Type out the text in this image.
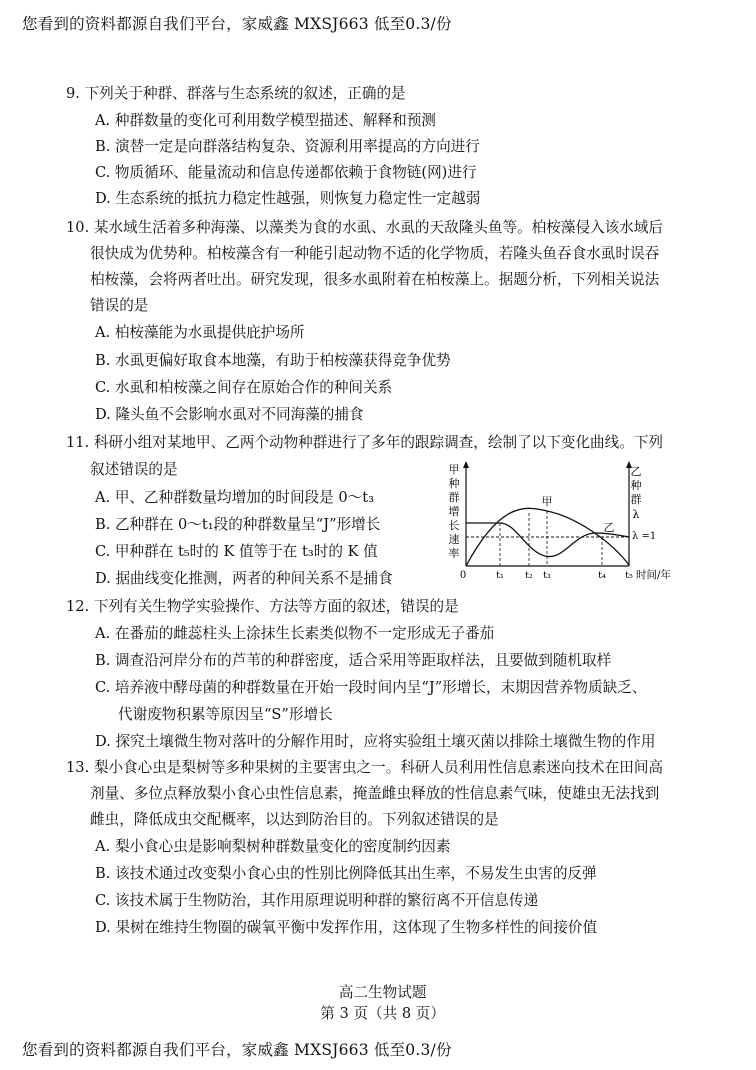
您看到的资料都源自我们平台，家威鑫 MXSJ663 低至0.3/份
9. 下列关于种群、群落与生态系统的叙述，正确的是
A. 种群数量的变化可利用数学模型描述、解释和预测
B. 演替一定是向群落结构复杂、资源利用率提高的方向进行
C. 物质循环、能量流动和信息传递都依赖于食物链(网)进行
D. 生态系统的抵抗力稳定性越强，则恢复力稳定性一定越弱
10. 某水域生活着多种海藻、以藻类为食的水虱、水虱的天敌隆头鱼等。柏桉藻侵入该水域后
很快成为优势种。柏桉藻含有一种能引起动物不适的化学物质，若隆头鱼吞食水虱时误吞
柏桉藻，会将两者吐出。研究发现，很多水虱附着在柏桉藻上。据题分析，下列相关说法
错误的是
A. 柏桉藻能为水虱提供庇护场所
B. 水虱更偏好取食本地藻，有助于柏桉藻获得竞争优势
C. 水虱和柏桉藻之间存在原始合作的种间关系
D. 隆头鱼不会影响水虱对不同海藻的捕食
11. 科研小组对某地甲、乙两个动物种群进行了多年的跟踪调查，绘制了以下变化曲线。下列
叙述错误的是
A. 甲、乙种群数量均增加的时间段是 0～t₃
B. 乙种群在 0～t₁段的种群数量呈“J”形增长
C. 甲种群在 t₅时的 K 值等于在 t₃时的 K 值
D. 据曲线变化推测，两者的种间关系不是捕食
甲
种
群
增
长
速
率
乙
种
群
λ
λ =1
甲
乙
0	t₁ t₂ t₃	t₄ t₅ 时间/年
12. 下列有关生物学实验操作、方法等方面的叙述，错误的是
A. 在番茄的雌蕊柱头上涂抹生长素类似物不一定形成无子番茄
B. 调查沿河岸分布的芦苇的种群密度，适合采用等距取样法，且要做到随机取样
C. 培养液中酵母菌的种群数量在开始一段时间内呈“J”形增长，末期因营养物质缺乏、
代谢废物积累等原因呈“S”形增长
D. 探究土壤微生物对落叶的分解作用时，应将实验组土壤灭菌以排除土壤微生物的作用
13. 梨小食心虫是梨树等多种果树的主要害虫之一。科研人员利用性信息素迷向技术在田间高
剂量、多位点释放梨小食心虫性信息素，掩盖雌虫释放的性信息素气味，使雄虫无法找到
雌虫，降低成虫交配概率，以达到防治目的。下列叙述错误的是
A. 梨小食心虫是影响梨树种群数量变化的密度制约因素
B. 该技术通过改变梨小食心虫的性别比例降低其出生率，不易发生虫害的反弹
C. 该技术属于生物防治，其作用原理说明种群的繁衍离不开信息传递
D. 果树在维持生物圈的碳氧平衡中发挥作用，这体现了生物多样性的间接价值

高二生物试题
第 3 页（共 8 页）

您看到的资料都源自我们平台，家威鑫 MXSJ663 低至0.3/份
